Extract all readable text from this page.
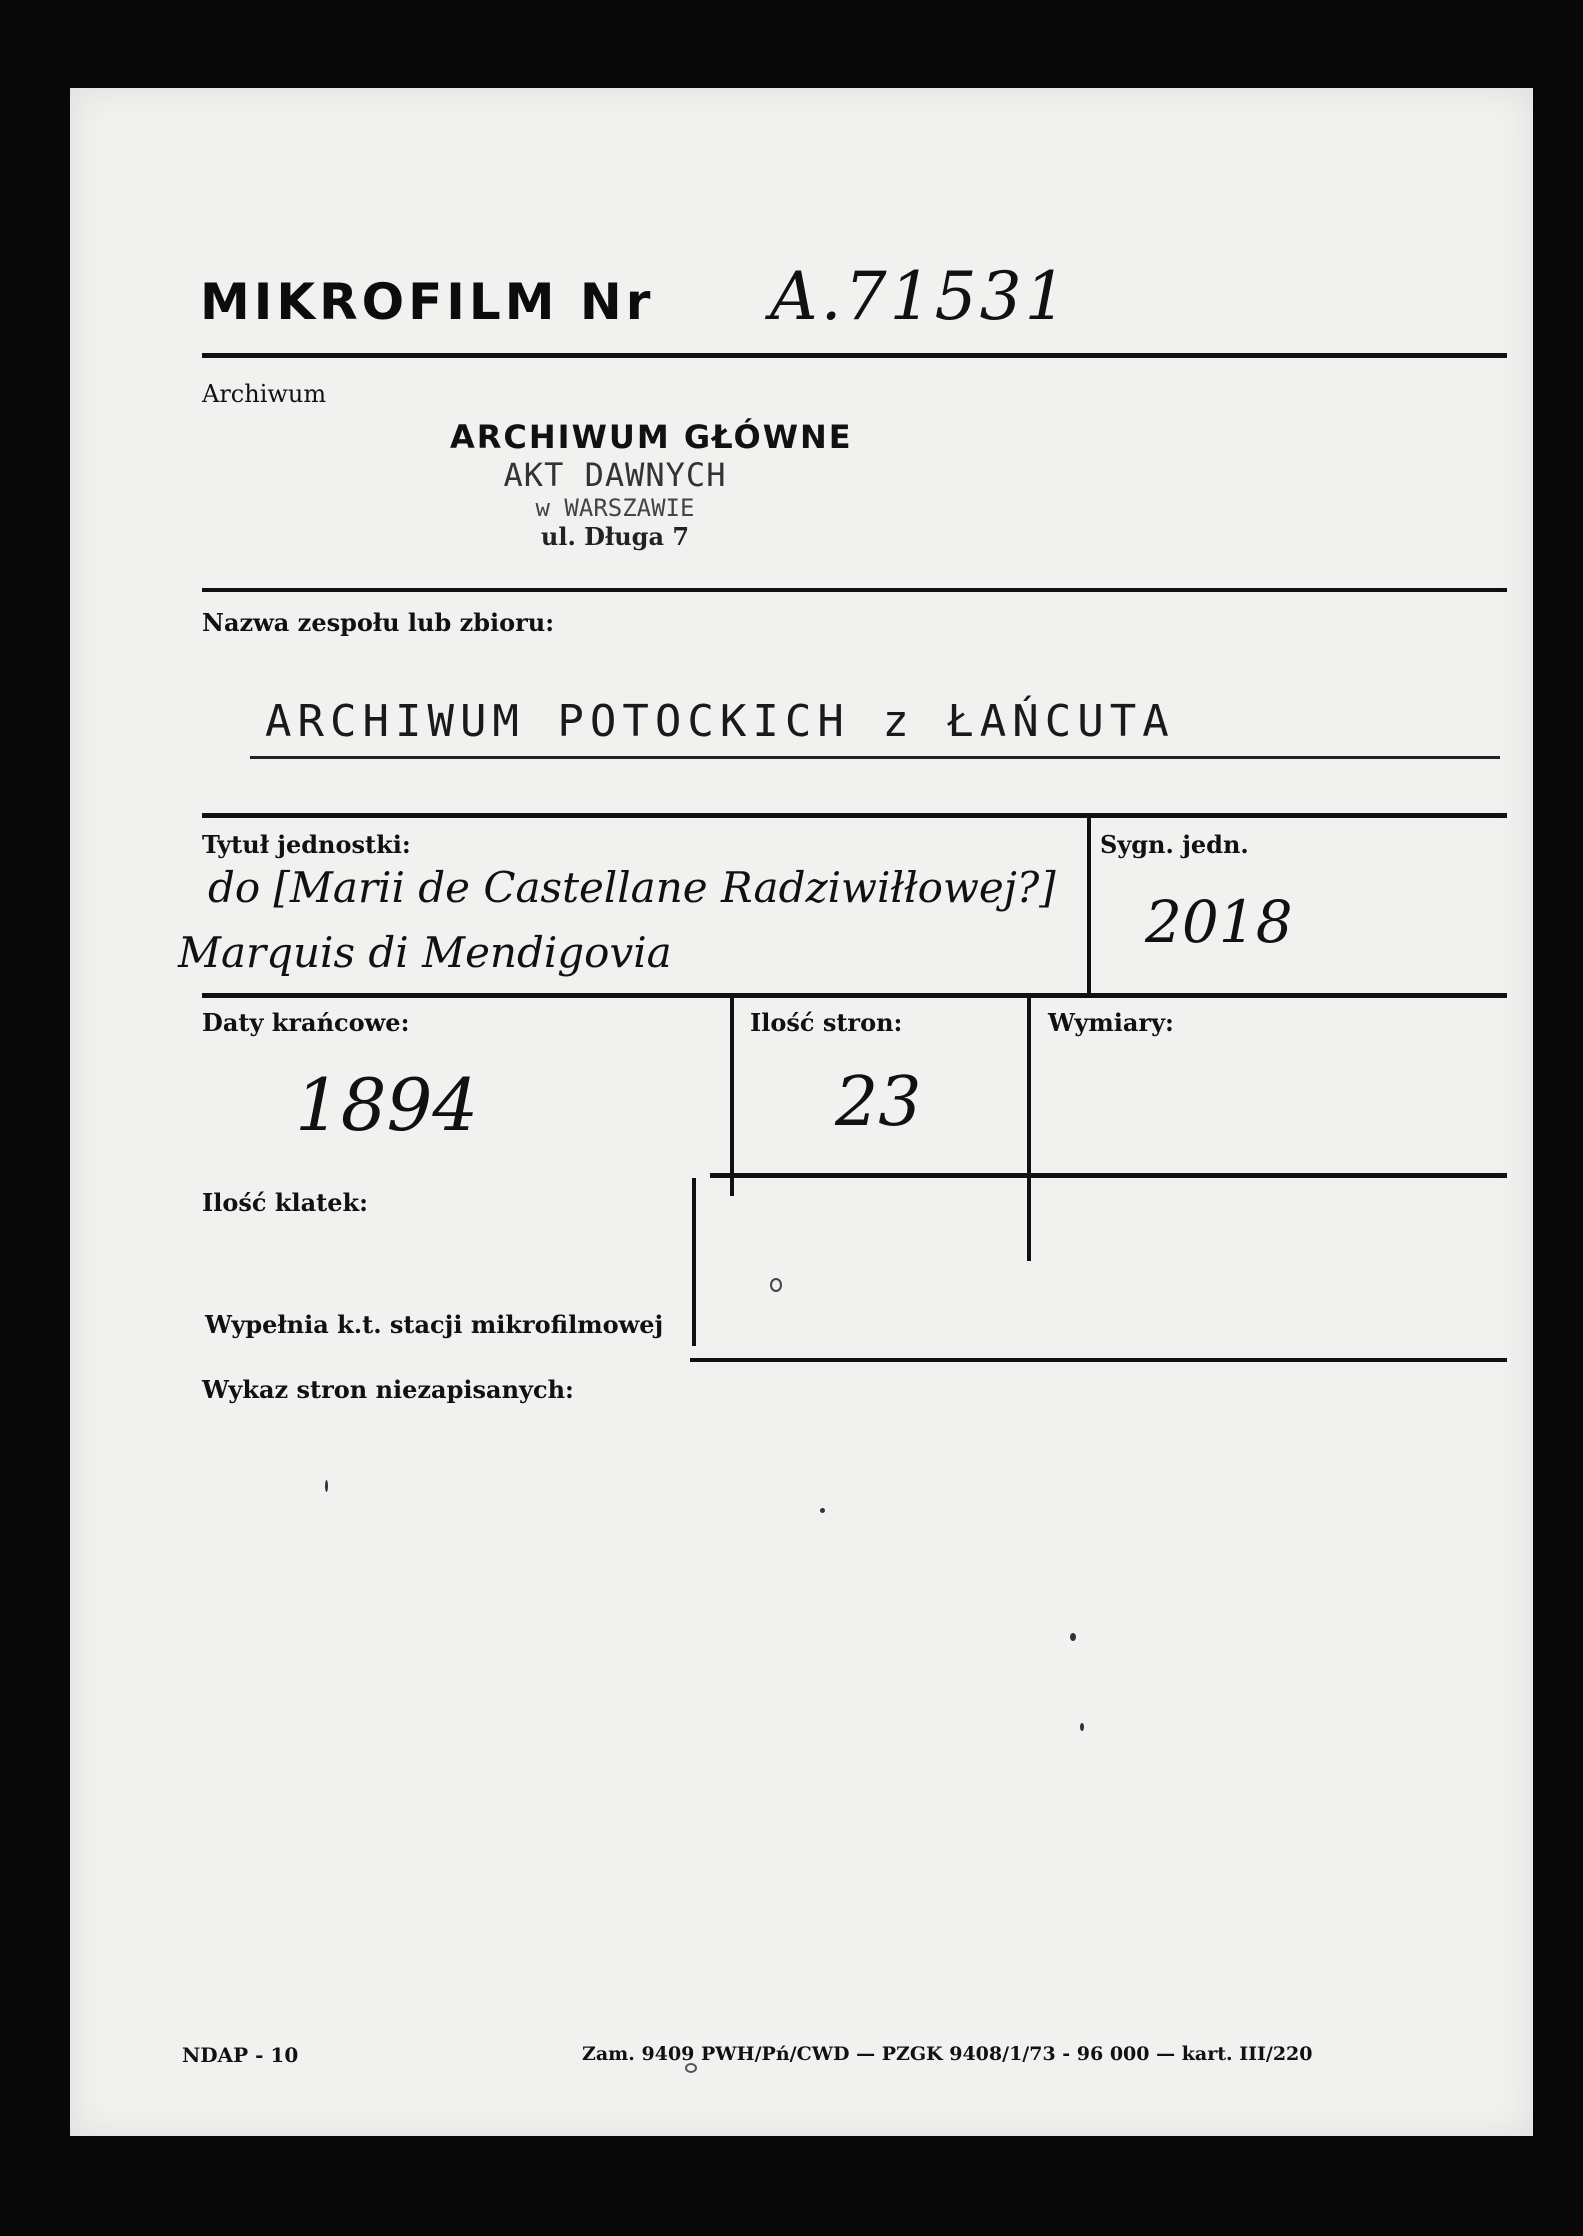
MIKROFILM Nr A.71531
Archiwum
ARCHIWUM GŁÓWNE
AKT DAWNYCH
w WARSZAWIE
ul. Długa 7
Nazwa zespołu lub zbioru:
ARCHIWUM POTOCKICH z ŁAŃCUTA
Tytuł jednostki:
do [Marii de Castellane Radziwiłłowej?]
Marquis di Mendigovia
Sygn. jedn.
2018
Daty krańcowe:
1894
Ilość stron:
23
Wymiary:
Ilość klatek:
Wypełnia k.t. stacji mikrofilmowej
Wykaz stron niezapisanych:
NDAP - 10	Zam. 9409 PWH/Pń/CWD — PZGK 9408/1/73 - 96 000 — kart. III/220
